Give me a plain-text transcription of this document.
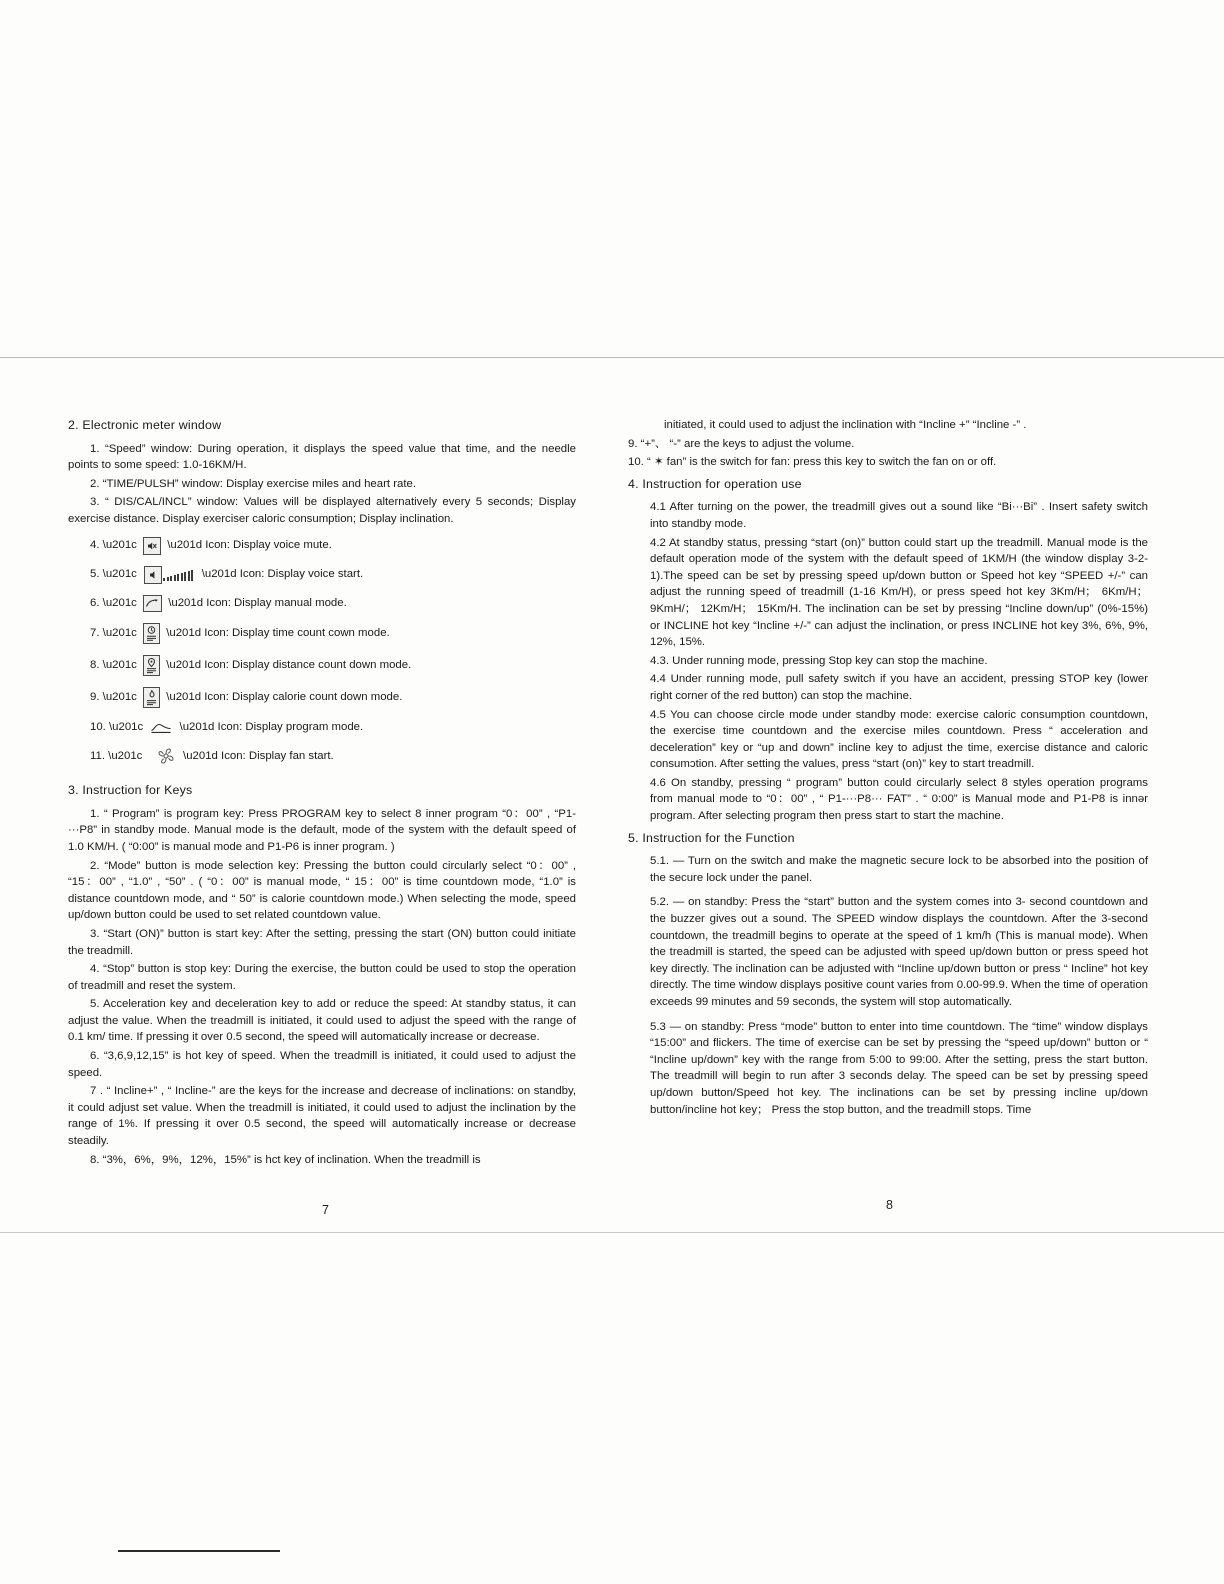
2. Electronic meter window

1. “Speed” window: During operation, it displays the speed value that time, and the needle points to some speed: 1.0-16KM/H.

2. “TIME/PULSH” window: Display exercise miles and heart rate.

3. “ DIS/CAL/INCL” window: Values will be displayed alternatively every 5 seconds; Display exercise distance. Display exerciser caloric consumption; Display inclination.

4. \u201c \u201d Icon: Display voice mute.
5. \u201c	\u201d Icon: Display voice start.
6. \u201c \u201d Icon: Display manual mode.
7. \u201c \u201d Icon: Display time count cown mode.
8. \u201c \u201d Icon: Display distance count down mode.
9. \u201c \u201d Icon: Display calorie count down mode.
10. \u201c	\u201d Icon: Display program mode.
11. \u201c \u201d Icon: Display fan start.
3. Instruction for Keys

1. “ Program” is program key: Press PROGRAM key to select 8 inner program “0：00” , “P1-···P8” in standby mode. Manual mode is the default, mode of the system with the default speed of 1.0 KM/H. ( “0:00” is manual mode and P1-P6 is inner program. )

2. “Mode” button is mode selection key: Pressing the button could circularly select “0：00” , “15：00” , “1.0” , “50” . ( “0：00” is manual mode, “ 15：00” is time countdown mode, “1.0” is distance countdown mode, and “ 50” is calorie countdown mode.) When selecting the mode, speed up/down button could be used to set related countdown value.

3. “Start (ON)” button is start key: After the setting, pressing the start (ON) button could initiate the treadmill.

4. “Stop” button is stop key: During the exercise, the button could be used to stop the operation of treadmill and reset the system.

5. Acceleration key and deceleration key to add or reduce the speed: At standby status, it can adjust the value. When the treadmill is initiated, it could used to adjust the speed with the range of 0.1 km/ time. If pressing it over 0.5 second, the speed will automatically increase or decrease.

6. “3,6,9,12,15” is hot key of speed. When the treadmill is initiated, it could used to adjust the speed.

7 . “ Incline+” , “ Incline-” are the keys for the increase and decrease of inclinations: on standby, it could adjust set value. When the treadmill is initiated, it could used to adjust the inclination by the range of 1%. If pressing it over 0.5 second, the speed will automatically increase or decrease steadily.

8. “3%，6%，9%，12%，15%” is hct key of inclination. When the treadmill is

initiated, it could used to adjust the inclination with “Incline +” “Incline -” .

9. “+”、 “-” are the keys to adjust the volume.

10. “ ✶ fan” is the switch for fan: press this key to switch the fan on or off.

4. Instruction for operation use

4.1 After turning on the power, the treadmill gives out a sound like “Bi···Bi” . Insert safety switch into standby mode.

4.2 At standby status, pressing “start (on)” button could start up the treadmill. Manual mode is the default operation mode of the system with the default speed of 1KM/H (the window display 3-2-1).The speed can be set by pressing speed up/down button or Speed hot key “SPEED +/-” can adjust the running speed of treadmill (1-16 Km/H), or press speed hot key 3Km/H； 6Km/H； 9KmH/； 12Km/H； 15Km/H. The inclination can be set by pressing “Incline down/up” (0%-15%) or INCLINE hot key “Incline +/-” can adjust the inclination, or press INCLINE hot key 3%, 6%, 9%, 12%, 15%.

4.3. Under running mode, pressing Stop key can stop the machine.

4.4 Under running mode, pull safety switch if you have an accident, pressing STOP key (lower right corner of the red button) can stop the machine.

4.5 You can choose circle mode under standby mode: exercise caloric consumption countdown, the exercise time countdown and the exercise miles countdown. Press “ acceleration and deceleration” key or “up and down” incline key to adjust the time, exercise distance and caloric consumɔtion. After setting the values, press “start (on)” key to start treadmill.

4.6 On standby, pressing “ program” button could circularly select 8 styles operation programs from manual mode to “0：00” , “ P1-···P8··· FAT” . “ 0:00” is Manual mode and P1-P8 is innər program. After selecting program then press start to start the machine.

5. Instruction for the Function

5.1. — Turn on the switch and make the magnetic secure lock to be absorbed into the position of the secure lock under the panel.

5.2. — on standby: Press the “start” button and the system comes into 3- second countdown and the buzzer gives out a sound. The SPEED window displays the countdown. After the 3-second countdown, the treadmill begins to operate at the speed of 1 km/h (This is manual mode). When the treadmill is started, the speed can be adjusted with speed up/down button or press speed hot key directly. The inclination can be adjusted with “Incline up/down button or press “ Incline” hot key directly. The time window displays positive count varies from 0.00-99.9. When the time of operation exceeds 99 minutes and 59 seconds, the system will stop automatically.

5.3 — on standby: Press “mode” button to enter into time countdown. The “time” window displays “15:00” and flickers. The time of exercise can be set by pressing the “speed up/down” button or “ “Incline up/down” key with the range from 5:00 to 99:00. After the setting, press the start button. The treadmill will begin to run after 3 seconds delay. The speed can be set by pressing speed up/down button/Speed hot key. The inclinations can be set by pressing incline up/down button/incline hot key； Press the stop button, and the treadmill stops. Time

7	8
